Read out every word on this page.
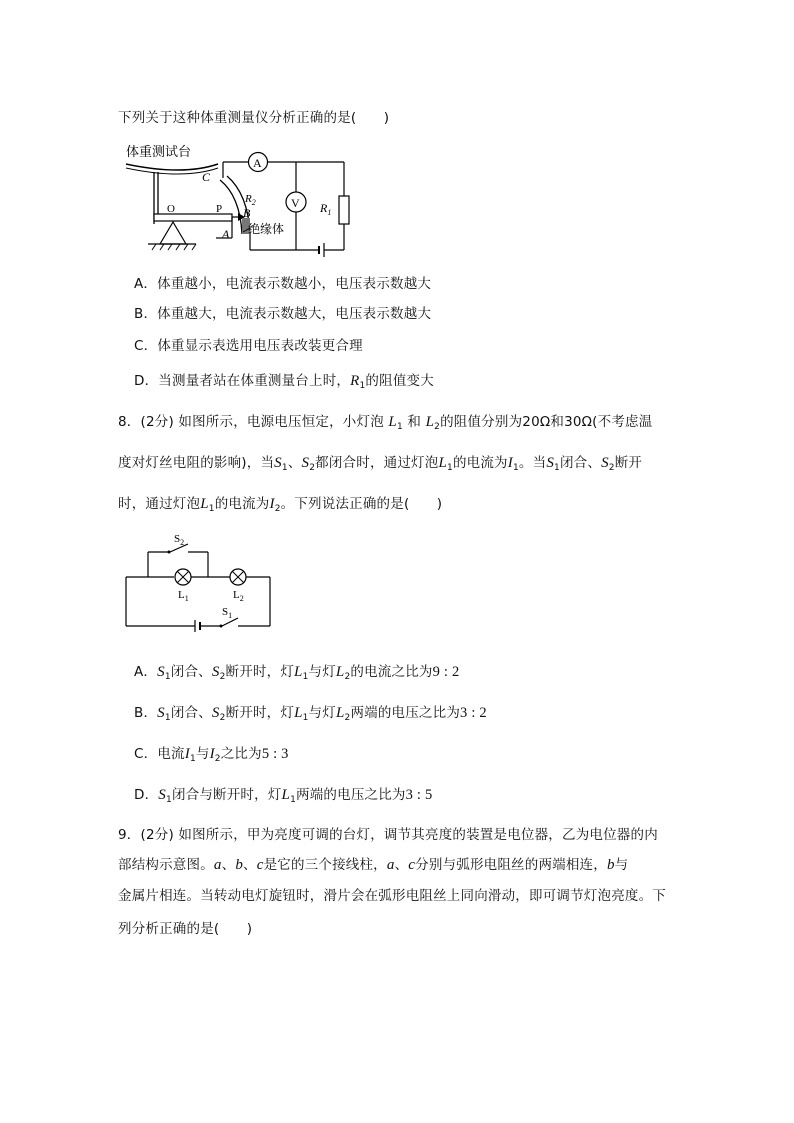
下列关于这种体重测量仪分析正确的是(　　)
体重测试台
O	P
C
$R_2$
B
A 绝缘体
A
$R_1$
V
A．体重越小，电流表示数越小，电压表示数越大
B．体重越大，电流表示数越大，电压表示数越大
C．体重显示表选用电压表改装更合理
D．当测量者站在体重测量台上时，$R_1$的阻值变大
8．(2分) 如图所示，电源电压恒定，小灯泡 $L_1$ 和 $L_2$的阻值分别为20Ω和30Ω(不考虑温
度对灯丝电阻的影响)，当$S_1$、$S_2$都闭合时，通过灯泡$L_1$的电流为$I_1$。当$S_1$闭合、$S_2$断开
时，通过灯泡$L_1$的电流为$I_2$。下列说法正确的是(　　)
$S_2$
$L_1$	$L_2$
$S_1$
A．$S_1$闭合、$S_2$断开时，灯$L_1$与灯$L_2$的电流之比为9 : 2
B．$S_1$闭合、$S_2$断开时，灯$L_1$与灯$L_2$两端的电压之比为3 : 2
C．电流$I_1$与$I_2$之比为5 : 3
D．$S_1$闭合与断开时，灯$L_1$两端的电压之比为3 : 5
9．(2分) 如图所示，甲为亮度可调的台灯，调节其亮度的装置是电位器，乙为电位器的内
部结构示意图。a、b、c是它的三个接线柱，a、c分别与弧形电阻丝的两端相连，b与
金属片相连。当转动电灯旋钮时，滑片会在弧形电阻丝上同向滑动，即可调节灯泡亮度。下
列分析正确的是(　　)
